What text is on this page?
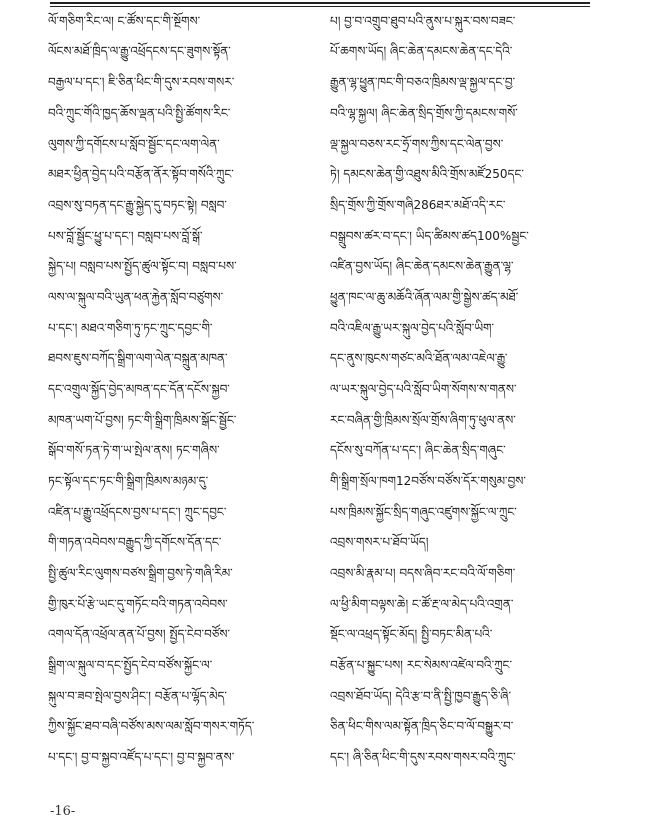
ལོ་གཅིག་རིང་ལ། ང་ཚོས་དང་གི་སྔོགས་
ལོངས་མཐོ་ཁྲིད་ལ་རྒྱུ་འཕྲོདངས་དང་ཟུགས་སྟོན་
བརྒྱལ་པ་དང་། ཇི་ཅིན་ཕིང་གི་དུས་རབས་གསར་
བའི་ཀྲུང་གོའི་ཁྱད་ཆོས་ལྡན་པའི་སྤྱི་ཚོགས་རིང་
ལུགས་ཀྱི་དགོངས་པ་སློབ་སྦྱོང་དང་ལག་ལེན་
མཐར་ཕྱིན་བྱེད་པའི་བརྩོན་ནོར་སྟོབ་གསོའི་ཀྲུང་
འབྲས་སུ་བཏན་དང་རྒྱུ་སྐྱེད་དུ་བཏང་སྟེ། བསླབ་
པས་བློ་སྦྱོང་ཕྱུ་པ་དང་། བསླབ་པས་བློ་སྒོ་
སྐྱེད་པ། བསླབ་པས་སྤྱོད་ཚུལ་སྟོང་བ། བསླབ་པས་
ལས་ལ་སྐུལ་བའི་ཡུན་ཕན་རྐྱེན་སློབ་བཙུགས་
པ་དང་། མཐའ་གཅིག་ཏུ་ཏང་ཀྲུང་དབྱང་གི་
ཐབས་ཇུས་བཀོད་སྒྲིག་ལག་ལེན་བསྐྲུན་མཁན་
དང་འགྲུལ་སྐྱོད་བྱེད་མཁན་དང་དོན་དངོས་སྐྱབ་
མཁན་ཡག་པོ་བྱས། ཏང་གི་སྒྲིག་ཁྲིམས་སྒོང་སྦྱོང་
སྒོབ་གསོ་ཏན་ཏེ་ག་ཡ་སྤེལ་ནས། ཏང་གཞིས་
ཏང་སྟོལ་དང་ཏང་གི་སྒྲིག་ཁྲིམས་མཉམ་དུ་
འཛིན་པ་རྒྱུ་འཕྲོདངས་བྱས་པ་དང་། ཀྲུང་དབྱང་
གི་གཏན་འབེབས་བརྒྱུད་ཀྱི་དགོངས་དོན་དང་
སྤྱི་ཚུལ་རིང་ལུགས་བཙས་སྒྲིག་བྱས་ཏེ་གཞི་རིམ་
གྱི་ཁུར་པོ་རྩེ་ཡང་དུ་གཏོང་བའི་གཏན་འབེབས་
འགལ་དོན་འཕྲོལ་ནན་པོ་བྱས། སྤྱོད་ངེབ་བཙོས་
སྒྲིག་ལ་སྐུལ་བ་དང་སྤྱོད་ངེབ་བཙོས་སྐྱོང་ལ་
སྐུལ་བ་ཟབ་སྤེལ་བྱས་ཤིང་། བརྩོན་པ་ལྷོད་མེད་
ཀྱིས་སྐྱོང་ཐབ་བཞི་བཙོས་མས་ལམ་སློབ་གསར་གཏོད་
པ་དང་། བྱ་བ་སྐྱབ་འཛོད་པ་དང་། བྱ་བ་སྐྱབ་ནས་
པ། བྱ་བ་འགྲུབ་ཐུབ་པའི་ནུས་པ་སྐུར་བས་བཟང་
པོ་ཆགས་ཡོད། ཞིང་ཆེན་དམངས་ཆེན་དང་དེའི་
རྒྱུན་ལྷ་ཕྱུན་ཁང་གི་བཅའ་ཁྲིམས་ལྡ་སྐྱལ་དང་བྱ་
བའི་ལྷ་སྐྱལ། ཞིང་ཆེན་སྲིད་གྲོས་ཀྱི་དམངས་གསོ་
ལྡ་སྐྱལ་བཅས་རང་ཧྲོ་གས་ཀྱིས་དང་ལེན་བྱས་
ཏེ། དམངས་ཆེན་གྱི་འཐུས་མིའི་གྲོས་མཛོ250དང་
སྲིད་གྲོས་ཀྱི་གྲོས་གཞི286ཐར་མཐོ་འདི་རང་
བསྒྲུབས་ཚར་བ་དང་། ཡིད་ཚིམས་ཚད100%སྦྱང་
འཛིན་བྱས་ཡོད། ཞིང་ཆེན་དམངས་ཆེན་རྒྱུན་ལྷ་
ཕྱུན་ཁང་ལ་ཆུ་མཆོའི་ཞོན་ལམ་གྱི་སྒྱེས་ཚད་མཐོ་
བའི་འཇིལ་རྒྱུ་ཡར་སྐུལ་བྱེད་པའི་སློབ་ཡིག་
དང་ནུས་ཁུངས་གཙང་མའི་ཐོན་ལམ་འཇེལ་རྒྱུ་
ལ་ཡར་སྐུལ་བྱེད་པའི་སློབ་ཡིག་སོགས་ས་གནས་
རང་བཞིན་གྱི་ཁྲིམས་སྲོལ་གྲོས་ཞིག་ཏུ་ཕུལ་ནས་
དངོས་སུ་བཀོན་པ་དང་། ཞིང་ཆེན་སྲིད་གཞུང་
གི་སྒྲིག་སྲོལ་ཁག12བཙོས་བཙོས་དོར་གསུམ་བྱས་
པས་ཁྲིམས་སྐྱོང་སྲིད་གཞུང་འཛུགས་སྐྱོང་ལ་ཀྲུང་
འབྲས་གསར་པ་ཐོབ་ཡོད།
འབྲས་མི་རྣམ་པ། བདས་ཞིབ་རང་བའི་ལོ་གཅིག་
ལ་ཕྱི་མིག་བལྟས་ཆེ། ང་ཚོ་རྔ་ལ་མེད་པའི་འགྲན་
སྡོང་ལ་འཕྲད་སྟོང་མོད། སྤྱི་བཏང་མིན་པའི་
བརྩོན་པ་སྐྱུང་པས། རང་སེམས་འཛེལ་བའི་ཀྲུང་
འབྲས་ཐོབ་ཡོད། དེའི་རྩ་བ་ནི་སྤྱི་ཁྱབ་རྒྱུད་ཅི་ཞི་
ཅིན་ཕིང་གིས་ལམ་སྟོན་ཁྲིད་ཅིང་བ་ལོ་བསྒྱུར་བ་
དང་། ཞི་ཅིན་ཕིང་གི་དུས་རབས་གསར་བའི་ཀྲུང་
-16-
